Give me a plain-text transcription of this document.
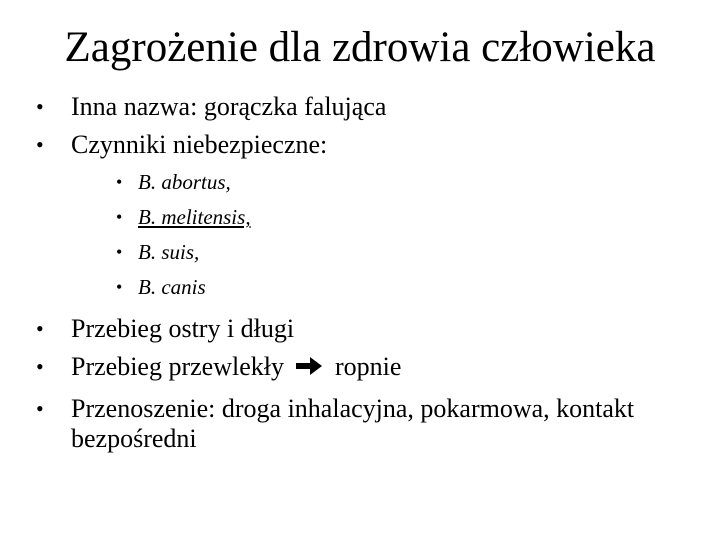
Zagrożenie dla zdrowia człowieka
• Inna nazwa: gorączka falująca
• Czynniki niebezpieczne:
• B. abortus,
• B. melitensis,
• B. suis,
• B. canis
• Przebieg ostry i długi
• Przebieg przewlekły ropnie
• Przenoszenie: droga inhalacyjna, pokarmowa, kontakt
bezpośredni
